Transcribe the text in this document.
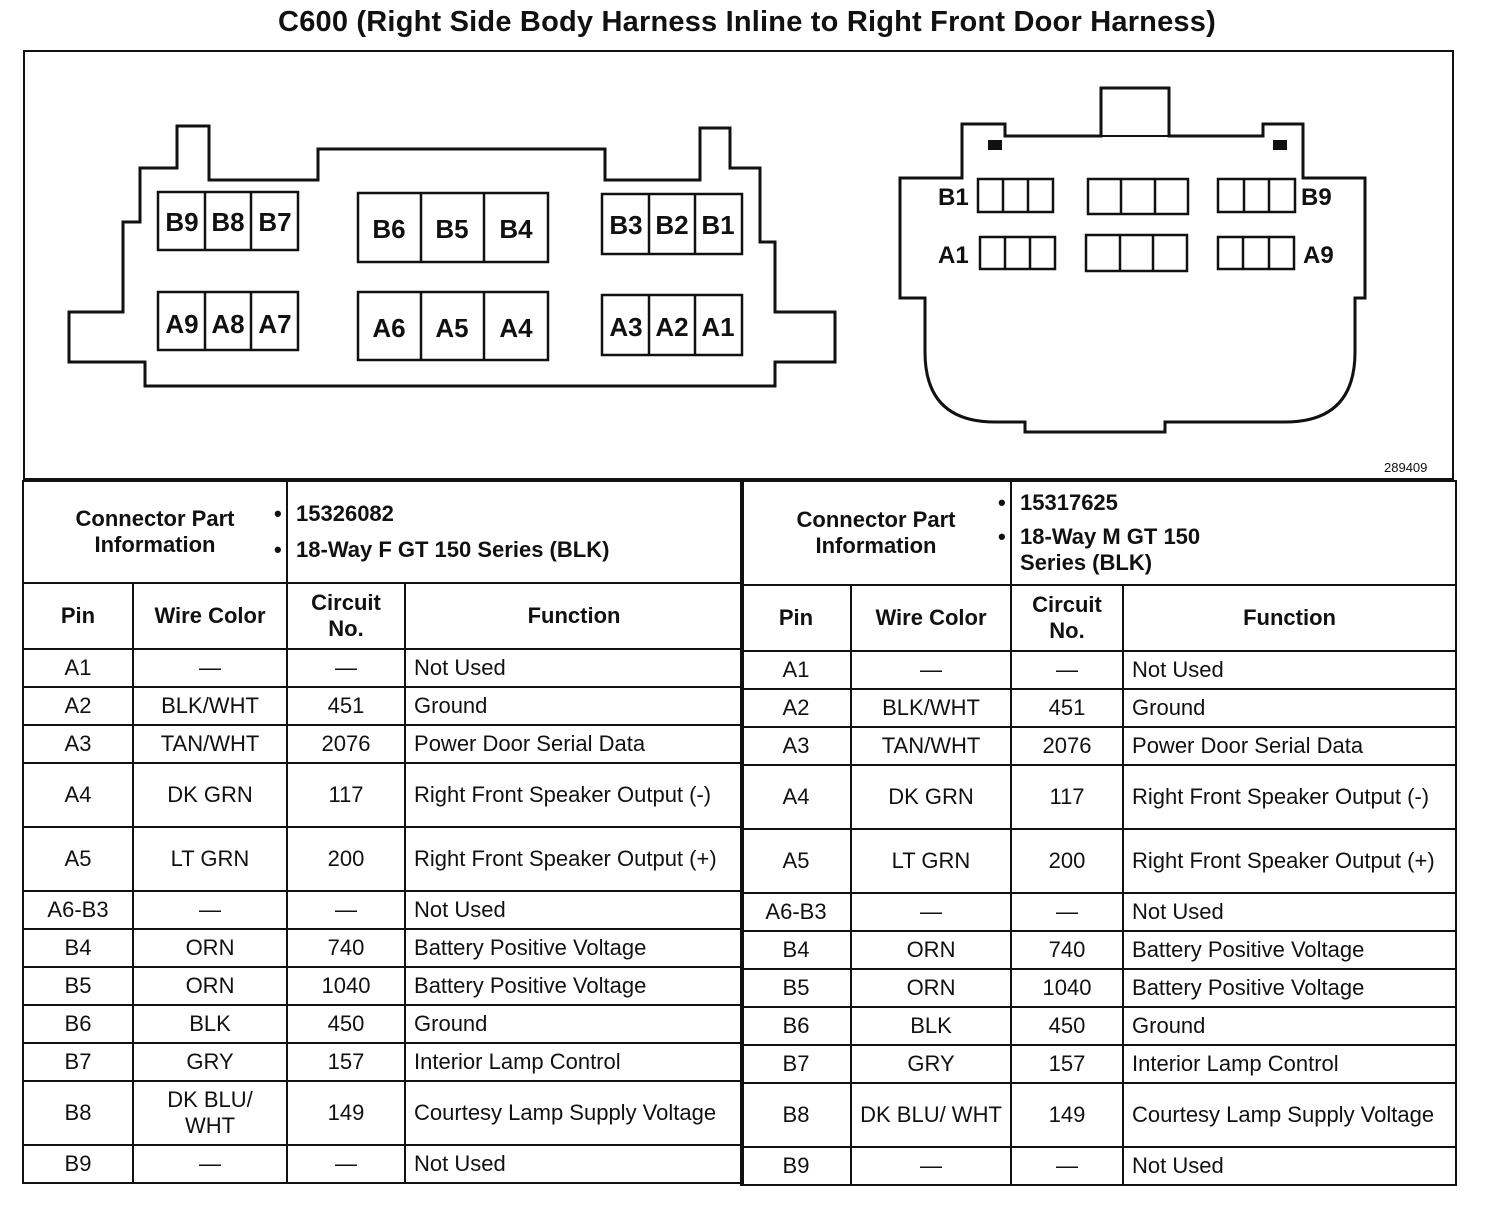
C600 (Right Side Body Harness Inline to Right Front Door Harness)
B9 B8 B7	B6 B5 B4	B3 B2 B1
A9 A8 A7	A6 A5 A4	A3 A2 A1
B1	B9
A1	A9
289409
Connector Part Information		• 15326082
• 18-Way F GT 150 Series (BLK)

Pin	Wire Color	Circuit No.	Function
A1	—	—	Not Used
A2	BLK/WHT	451	Ground
A3	TAN/WHT	2076	Power Door Serial Data
A4	DK GRN	117	Right Front Speaker Output (-)
A5	LT GRN	200	Right Front Speaker Output (+)
A6-B3	—	—	Not Used
B4	ORN	740	Battery Positive Voltage
B5	ORN	1040	Battery Positive Voltage
B6	BLK	450	Ground
B7	GRY	157	Interior Lamp Control
B8	DK BLU/ WHT	149	Courtesy Lamp Supply Voltage
B9	—	—	Not Used
Connector Part Information		• 15317625
• 18-Way M GT 150 Series (BLK)

Pin	Wire Color	Circuit No.	Function
A1	—	—	Not Used
A2	BLK/WHT	451	Ground
A3	TAN/WHT	2076	Power Door Serial Data
A4	DK GRN	117	Right Front Speaker Output (-)
A5	LT GRN	200	Right Front Speaker Output (+)
A6-B3	—	—	Not Used
B4	ORN	740	Battery Positive Voltage
B5	ORN	1040	Battery Positive Voltage
B6	BLK	450	Ground
B7	GRY	157	Interior Lamp Control
B8	DK BLU/ WHT	149	Courtesy Lamp Supply Voltage
B9	—	—	Not Used
